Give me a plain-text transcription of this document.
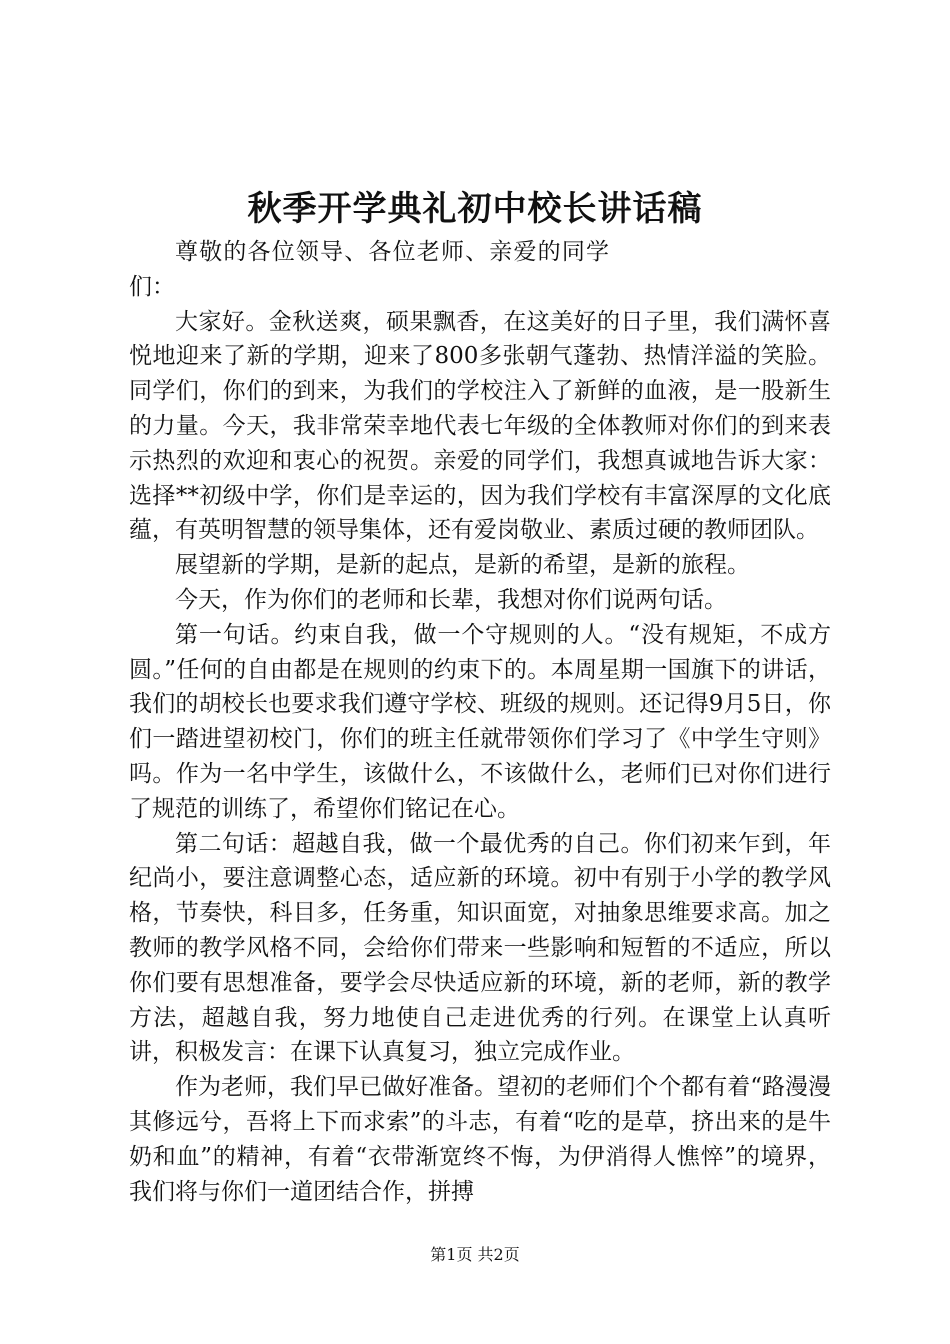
秋季开学典礼初中校长讲话稿

尊敬的各位领导、各位老师、亲爱的同学们：

大家好。金秋送爽，硕果飘香，在这美好的日子里，我们满怀喜悦地迎来了新的学期，迎来了800多张朝气蓬勃、热情洋溢的笑脸。同学们，你们的到来，为我们的学校注入了新鲜的血液，是一股新生的力量。今天，我非常荣幸地代表七年级的全体教师对你们的到来表示热烈的欢迎和衷心的祝贺。亲爱的同学们，我想真诚地告诉大家：选择**初级中学，你们是幸运的，因为我们学校有丰富深厚的文化底蕴，有英明智慧的领导集体，还有爱岗敬业、素质过硬的教师团队。

展望新的学期，是新的起点，是新的希望，是新的旅程。

今天，作为你们的老师和长辈，我想对你们说两句话。

第一句话。约束自我，做一个守规则的人。“没有规矩，不成方圆。”任何的自由都是在规则的约束下的。本周星期一国旗下的讲话，我们的胡校长也要求我们遵守学校、班级的规则。还记得9月5日，你们一踏进望初校门，你们的班主任就带领你们学习了《中学生守则》吗。作为一名中学生，该做什么，不该做什么，老师们已对你们进行了规范的训练了，希望你们铭记在心。

第二句话：超越自我，做一个最优秀的自己。你们初来乍到，年纪尚小，要注意调整心态，适应新的环境。初中有别于小学的教学风格，节奏快，科目多，任务重，知识面宽，对抽象思维要求高。加之教师的教学风格不同，会给你们带来一些影响和短暂的不适应，所以你们要有思想准备，要学会尽快适应新的环境，新的老师，新的教学方法，超越自我，努力地使自己走进优秀的行列。在课堂上认真听讲，积极发言：在课下认真复习，独立完成作业。

作为老师，我们早已做好准备。望初的老师们个个都有着“路漫漫其修远兮，吾将上下而求索”的斗志，有着“吃的是草，挤出来的是牛奶和血”的精神，有着“衣带渐宽终不悔，为伊消得人憔悴”的境界，我们将与你们一道团结合作，拼搏

第1页 共2页
